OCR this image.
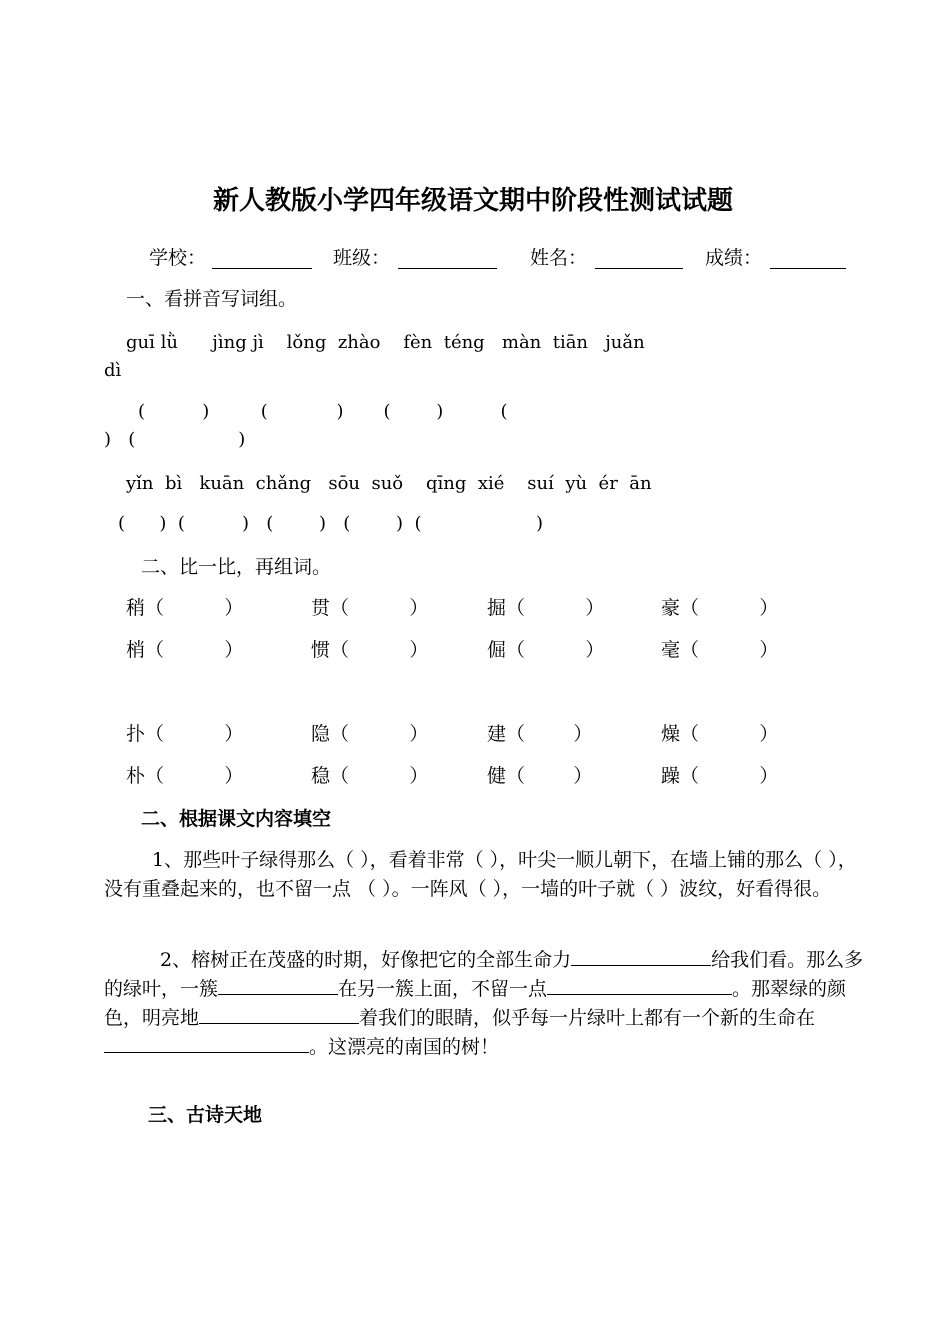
新人教版小学四年级语文期中阶段性测试试题
学校：	班级：	姓名：	成绩：
一、看拼音写词组。
guī lǜ      jìng jì    lǒng  zhào    fèn  téng   màn  tiān   juǎn
dì
(          )         (            )       (        )          (
)   (                  )
yǐn  bì   kuān  chǎng   sōu  suǒ    qīng  xié    suí  yù  ér  ān
(      )  (          )   (        )   (        )  (                    )
二、比一比，再组词。
稍（          ）	贯（          ）	掘（          ）	豪（          ）
梢（          ）	惯（          ）	倔（          ）	毫（          ）
扑（          ）	隐（          ）	建（        ）	燥（          ）
朴（          ）	稳（          ）	健（        ）	躁（          ）
二、根据课文内容填空
1、那些叶子绿得那么（ ），看着非常（ ），叶尖一顺儿朝下，在墙上铺的那么（ ），没有重叠起来的，也不留一点 （ ）。一阵风（ ），一墙的叶子就（ ）波纹，好看得很。
2、榕树正在茂盛的时期，好像把它的全部生命力	给我们看。那么多的绿叶，一簇	在另一簇上面，不留一点	。那翠绿的颜色，明亮地	着我们的眼睛，似乎每一片绿叶上都有一个新的生命在。这漂亮的南国的树！
三、古诗天地
